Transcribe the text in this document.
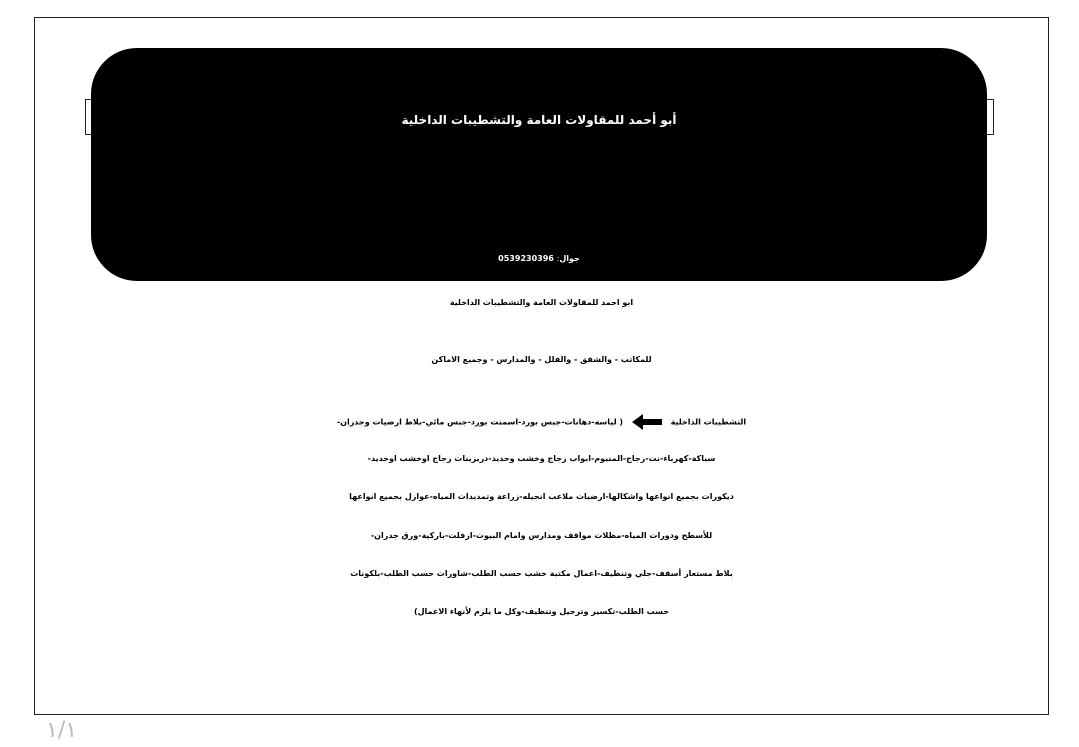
أبو أحمد للمقاولات العامة والتشطيبات الداخلية
جوال: 0539230396
ابو احمد للمقاولات العامة والتشطيبات الداخلية
للمكاتب - والشقق - والفلل - والمدارس - وجميع الاماكن
التشطيبات الداخلية
( لياسه-دهانات-جبس بورد-اسمنت بورد-جبس مائي-بلاط ارضيات وجدران-
سباكة-كهرباء-نت-زجاج-المنيوم-ابواب زجاج وخشب وحديد-دريزينات زجاج اوخشب اوحديد-
ديكورات بجميع انواعها واشكالها-ارضيات ملاعب انجيله-زراعة وتمديدات المياه-عوازل بجميع انواعها
للأسطح ودورات المياه-مظلات مواقف ومدارس وامام البيوت-ازفلت-باركية-ورق جدران-
بلاط مستعار أسقف-جلي وتنظيف-اعمال مكتبة خشب حسب الطلب-شاورات حسب الطلب-بلكونات
حسب الطلب-تكسير وترحيل وتنظيف-وكل ما يلزم لأنهاء الاعمال)
١/١
